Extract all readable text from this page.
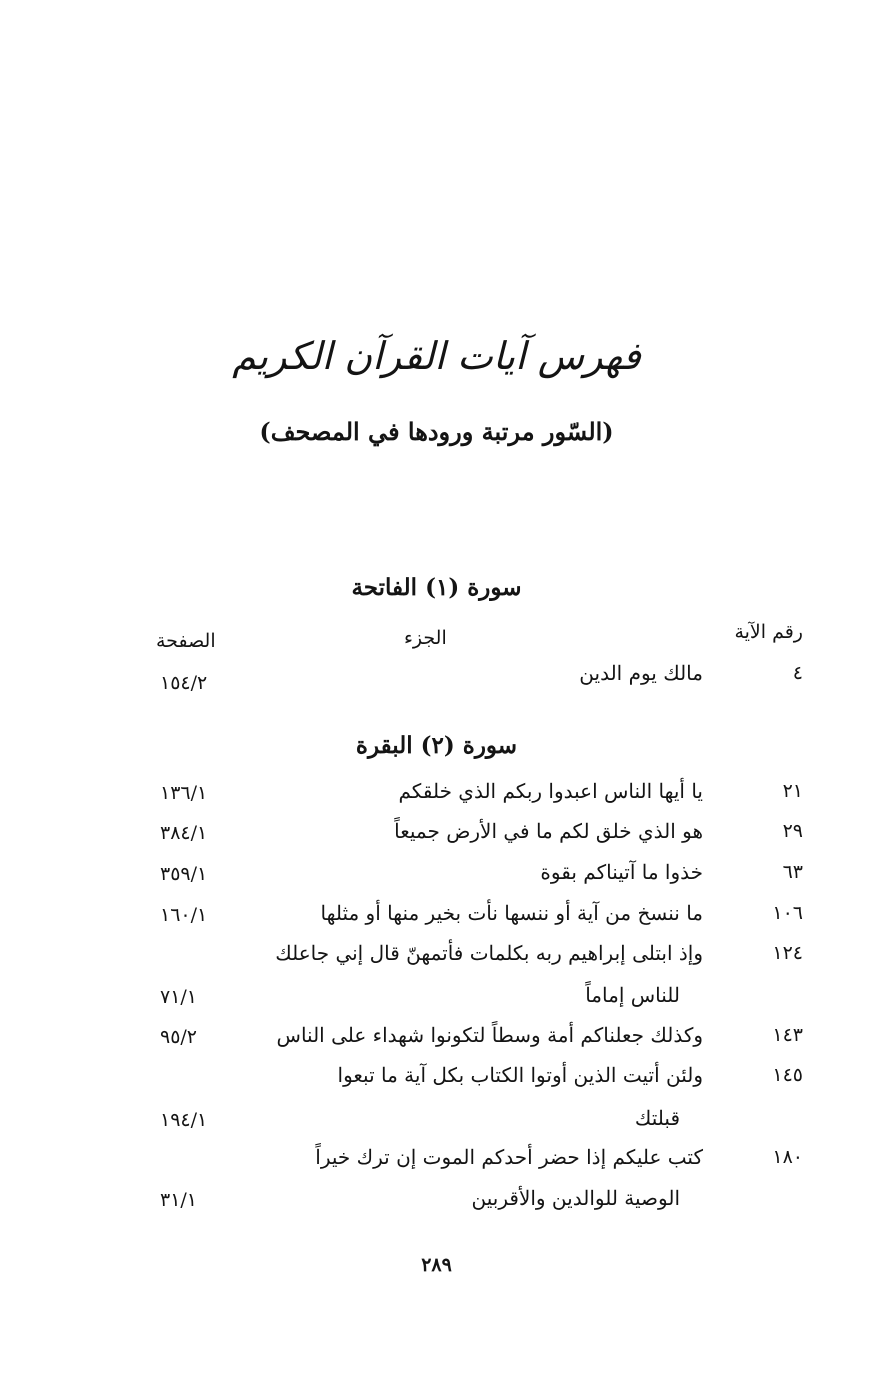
فهرس آيات القرآن الكريم
(السّور مرتبة ورودها في المصحف)
سورة (١) الفاتحة
رقم الآية
الجزء
الصفحة
٤
مالك يوم الدين
١٥٤/٢
سورة (٢) البقرة
٢١
يا أيها الناس اعبدوا ربكم الذي خلقكم
١٣٦/١
٢٩
هو الذي خلق لكم ما في الأرض جميعاً
٣٨٤/١
٦٣
خذوا ما آتيناكم بقوة
٣٥٩/١
١٠٦
ما ننسخ من آية أو ننسها نأت بخير منها أو مثلها
١٦٠/١
١٢٤
وإذ ابتلى إبراهيم ربه بكلمات فأتمهنّ قال إني جاعلك
للناس إماماً
٧١/١
١٤٣
وكذلك جعلناكم أمة وسطاً لتكونوا شهداء على الناس
٩٥/٢
١٤٥
ولئن أتيت الذين أوتوا الكتاب بكل آية ما تبعوا
قبلتك
١٩٤/١
١٨٠
كتب عليكم إذا حضر أحدكم الموت إن ترك خيراً
الوصية للوالدين والأقربين
٣١/١
٢٨٩
